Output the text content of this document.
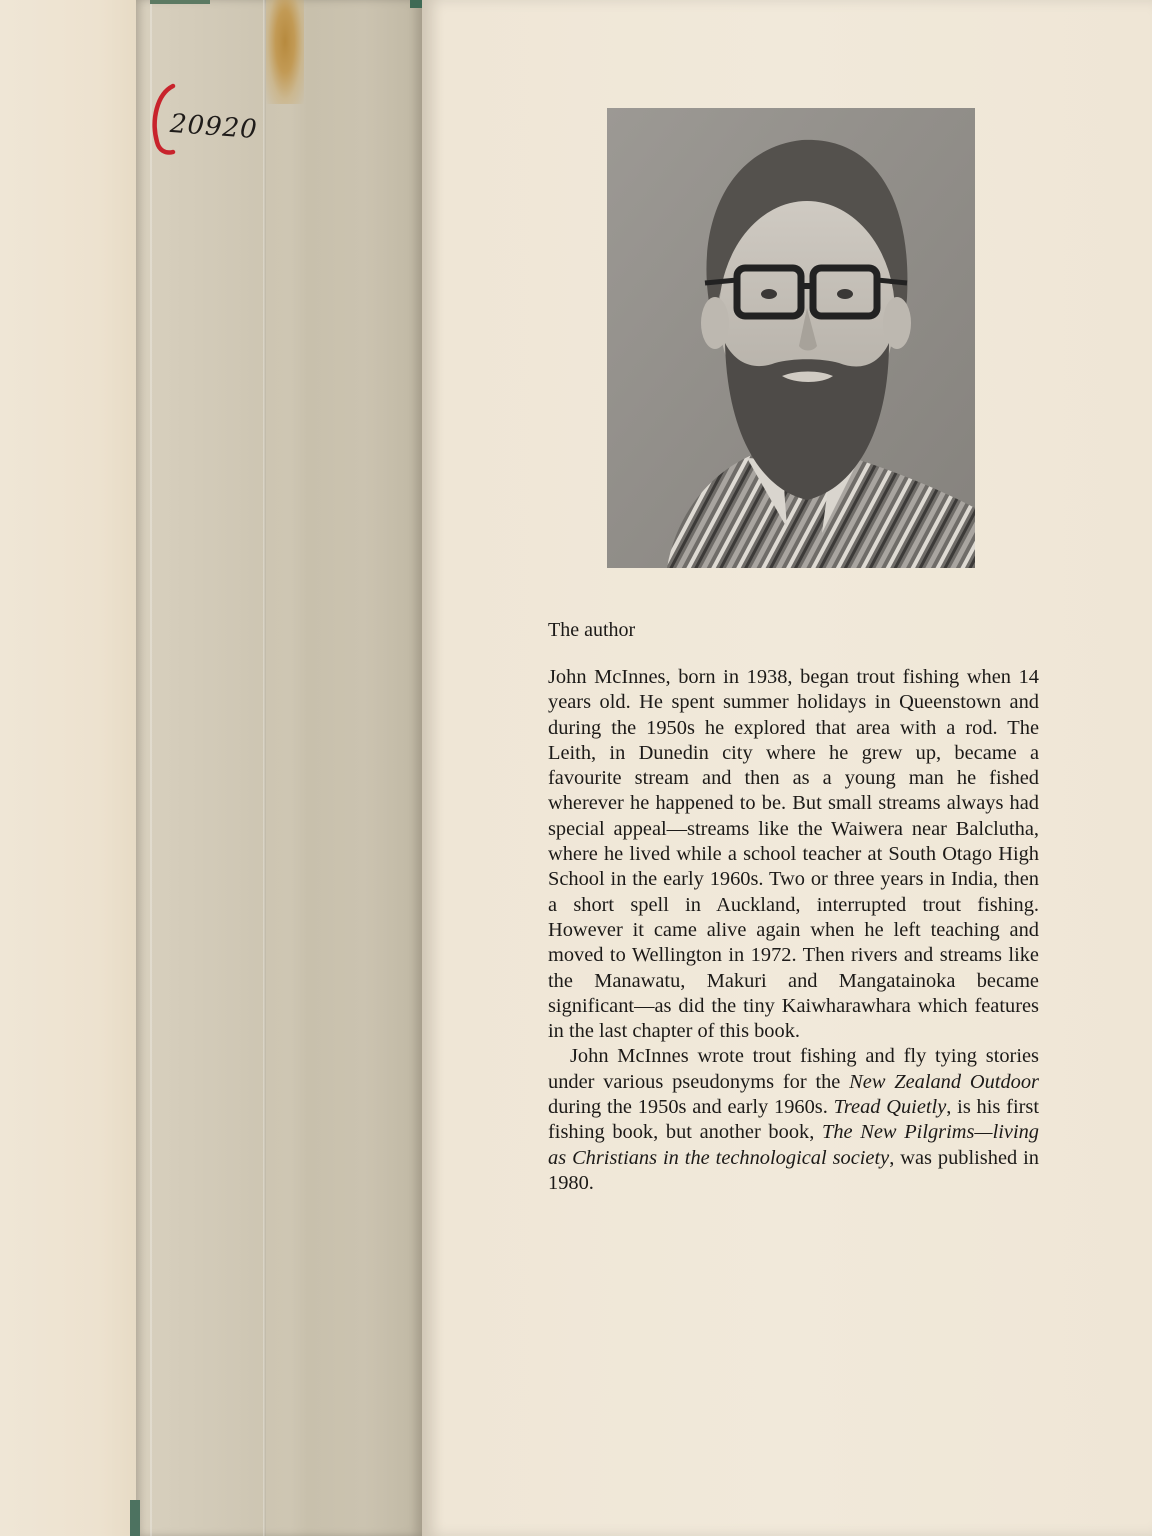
20920
The author

John McInnes, born in 1938, began trout fishing when 14 years old. He spent summer holidays in Queenstown and during the 1950s he explored that area with a rod. The Leith, in Dunedin city where he grew up, became a favourite stream and then as a young man he fished wherever he happened to be. But small streams always had special appeal—streams like the Waiwera near Balclutha, where he lived while a school teacher at South Otago High School in the early 1960s. Two or three years in India, then a short spell in Auckland, interrupted trout fishing. However it came alive again when he left teaching and moved to Wellington in 1972. Then rivers and streams like the Manawatu, Makuri and Mangatainoka became significant—as did the tiny Kaiwharawhara which features in the last chapter of this book.

John McInnes wrote trout fishing and fly tying stories under various pseudonyms for the New Zealand Outdoor during the 1950s and early 1960s. Tread Quietly, is his first fishing book, but another book, The New Pilgrims—living as Christians in the technological society, was published in 1980.
